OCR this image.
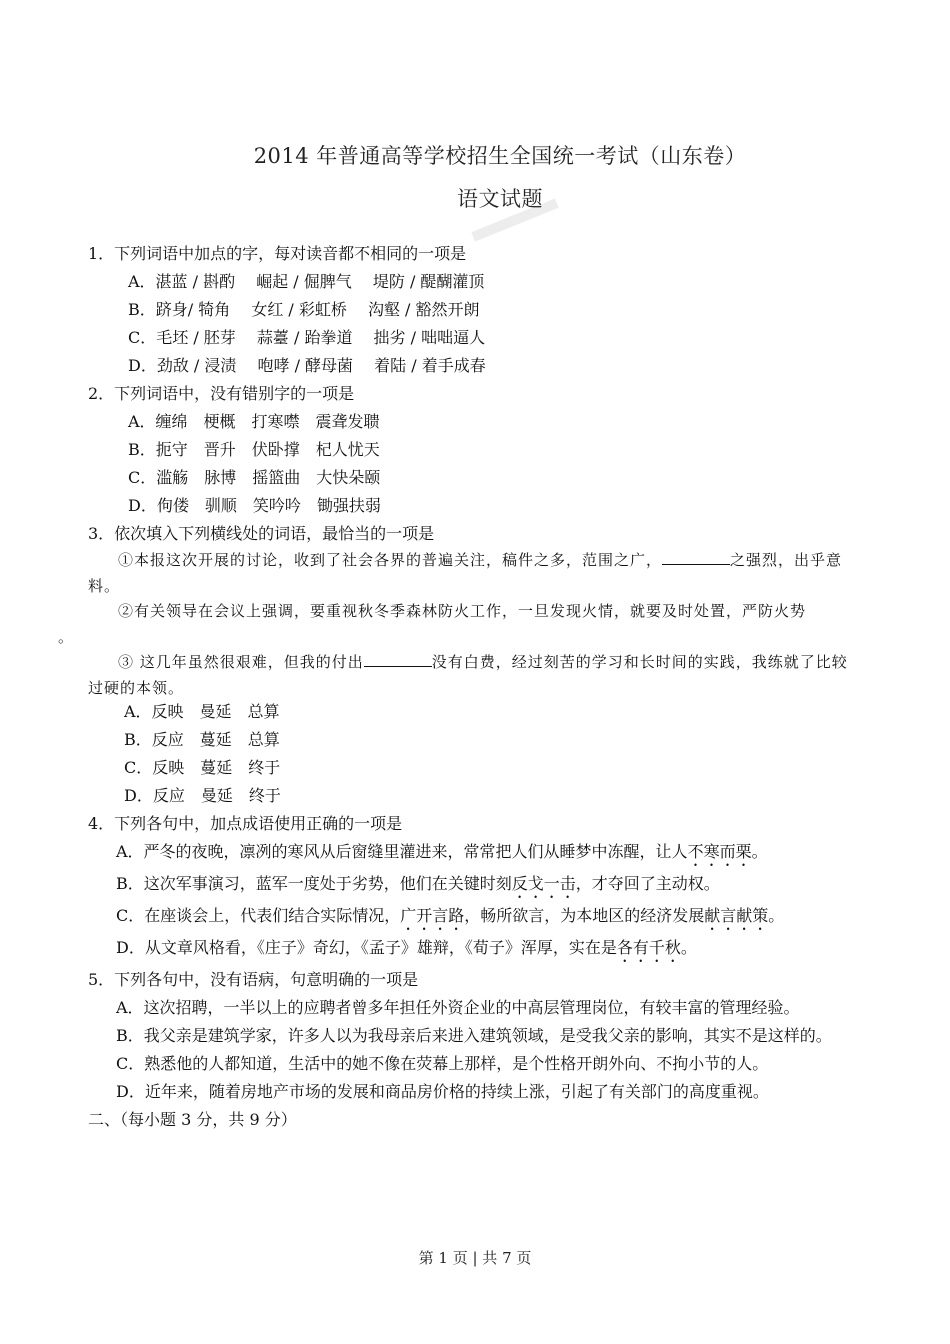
2014 年普通高等学校招生全国统一考试（山东卷）
语文试题
1．下列词语中加点的字，每对读音都不相同的一项是
A．湛蓝 / 斟酌　 崛起 / 倔脾气　 堤防 / 醍醐灌顶
B．跻身/ 犄角　 女红 / 彩虹桥　 沟壑 / 豁然开朗
C．毛坯 / 胚芽　 蒜薹 / 跆拳道　 拙劣 / 咄咄逼人
D．劲敌 / 浸渍　 咆哮 / 酵母菌　 着陆 / 着手成春
2．下列词语中，没有错别字的一项是
A．缠绵　梗概　打寒噤　震聋发聩
B．扼守　晋升　伏卧撑　杞人忧天
C．滥觞　脉博　摇篮曲　大快朵颐
D．佝偻　驯顺　笑吟吟　锄强扶弱
3．依次填入下列横线处的词语，最恰当的一项是
①本报这次开展的讨论，收到了社会各界的普遍关注，稿件之多，范围之广，	之强烈，出乎意料。
②有关领导在会议上强调，要重视秋冬季森林防火工作，一旦发现火情，就要及时处置，严防火势
。
③ 这几年虽然很艰难，但我的付出	没有白费，经过刻苦的学习和长时间的实践，我练就了比较过硬的本领。
A．反映　曼延　总算
B．反应　蔓延　总算
C．反映　蔓延　终于
D．反应　曼延　终于
4．下列各句中，加点成语使用正确的一项是
A．严冬的夜晚，凛冽的寒风从后窗缝里灌进来，常常把人们从睡梦中冻醒，让人不寒而栗。
B．这次军事演习，蓝军一度处于劣势，他们在关键时刻反戈一击，才夺回了主动权。
C．在座谈会上，代表们结合实际情况，广开言路，畅所欲言，为本地区的经济发展献言献策。
D．从文章风格看，《庄子》奇幻，《孟子》雄辩，《荀子》浑厚，实在是各有千秋。
5．下列各句中，没有语病，句意明确的一项是
A．这次招聘，一半以上的应聘者曾多年担任外资企业的中高层管理岗位，有较丰富的管理经验。
B．我父亲是建筑学家，许多人以为我母亲后来进入建筑领域，是受我父亲的影响，其实不是这样的。
C．熟悉他的人都知道，生活中的她不像在荧幕上那样，是个性格开朗外向、不拘小节的人。
D．近年来，随着房地产市场的发展和商品房价格的持续上涨，引起了有关部门的高度重视。
二、（每小题 3 分，共 9 分）
第 1 页 | 共 7 页
